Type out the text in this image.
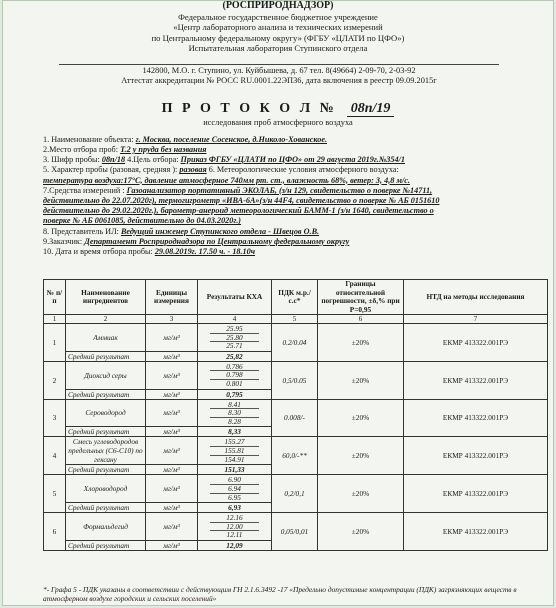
(РОСПРИРОДНАДЗОР)
Федеральное государственное бюджетное учреждение
«Центр лабораторного анализа и технических измерений
по Центральному федеральному округу» (ФГБУ «ЦЛАТИ по ЦФО»)
Испытательная лаборатория Ступинского отдела
142800, М.О. г. Ступино, ул. Куйбышева, д. 67 тел. 8(49664) 2-09-70, 2-03-92
Аттестат аккредитации № РОСС RU.0001.22ЭП36, дата включения в реестр 09.09.2015г
П Р О Т О К О Л № 08п/19
исследования проб атмосферного воздуха
1. Наименование объекта: г. Москва, поселение Сосенское, д.Николо-Хованское.
2.Место отбора проб: Т.2 у пруда без названия
3. Шифр пробы: 08п/18 4.Цель отбора: Приказ ФГБУ «ЦЛАТИ по ЦФО» от 29 августа 2019г.№354/1
5. Характер пробы (разовая, средняя ): разовая 6. Метеорологические условия атмосферного воздуха:
температура воздуха:17°С, давление атмосферное 740мм рт. ст., влажность 68%, ветер: 3, 4,8 м/с.
7.Средства измерений : Газоанализатор портативный ЭКОЛАБ, (з/н 129, свидетельство о поверке №14711,
действительно до 22.07.2020г), термогигрометр «ИВА-6А»(з/н 44F4, свидетельство о поверке № АБ 0151610
действительно до 29.02.2020г.), барометр-анероид метеорологический БАММ-1 (з/н 1640, свидетельство о
поверке № АБ 0061085, действительно до 04.03.2020г.)
8. Представитель ИЛ: Ведущий инженер Ступинского отдела - Швецов О.В.
9.Заказчик: Департамент Росприроднадзора по Центральному федеральному округу
10. Дата и время отбора пробы: 29.08.2019г. 17.50 ч. - 18.10ч
№ п/п	Наименование ингредиентов	Единицы измерения	Результаты КХА	ПДК м.р./с.с*	Границы относительной погрешности, ±δ,% при Р=0,95	НТД на методы исследования
1	2	3	4	5	6	7
1	Аммиак	мг/м³	25.95
25.80
25.71	0.2/0.04	±20%	ЕКМР 413322.001РЭ
	Средний результат	мг/м³	25,82			
2	Диоксид серы	мг/м³	0.786
0.798
0.801	0,5/0.05	±20%	ЕКМР 413322.001РЭ
	Средний результат	мг/м³	0,795			
3	Сероводород	мг/м³	8.41
8.30
8.28	0.008/-	±20%	ЕКМР 413322.001РЭ
	Средний результат	мг/м³	8,33			
4	Смесь углеводородов предельных (С6-С10) по гексану	мг/м³	155.27
155.81
154.91	60,0/-**	±20%	ЕКМР 413322.001РЭ
	Средний результат	мг/м³	151,33			
5	Хлороводород	мг/м³	6.90
6.94
6.95	0,2/0,1	±20%	ЕКМР 413322.001РЭ
	Средний результат	мг/м³	6,93			
6	Формальдегид	мг/м³	12.16
12.00
12.11	0,05/0,01	±20%	ЕКМР 413322.001РЭ
	Средний результат	мг/м³	12,09			
*- Графа 5 - ПДК указаны в соответствии с действующим ГН 2.1.6.3492 -17 «Предельно допустимые концентрации (ПДК) загрязняющих веществ в атмосферном воздухе городских и сельских поселений»
